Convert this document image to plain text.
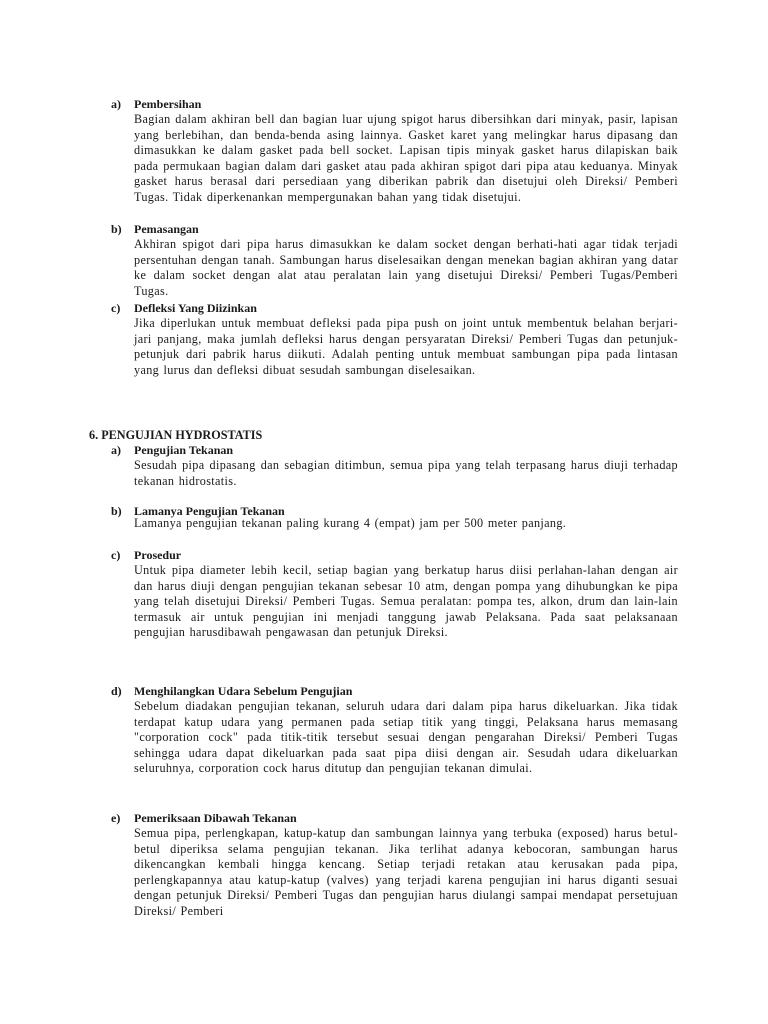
a) Pembersihan
Bagian dalam akhiran bell dan bagian luar ujung spigot harus dibersihkan dari minyak, pasir, lapisan yang berlebihan, dan benda-benda asing lainnya. Gasket karet yang melingkar harus dipasang dan dimasukkan ke dalam gasket pada bell socket. Lapisan tipis minyak gasket harus dilapiskan baik pada permukaan bagian dalam dari gasket atau pada akhiran spigot dari pipa atau keduanya. Minyak gasket harus berasal dari persediaan yang diberikan pabrik dan disetujui oleh Direksi/ Pemberi Tugas. Tidak diperkenankan mempergunakan bahan yang tidak disetujui.
b) Pemasangan
Akhiran spigot dari pipa harus dimasukkan ke dalam socket dengan berhati-hati agar tidak terjadi persentuhan dengan tanah. Sambungan harus diselesaikan dengan menekan bagian akhiran yang datar ke dalam socket dengan alat atau peralatan lain yang disetujui Direksi/ Pemberi Tugas/Pemberi Tugas.
c) Defleksi Yang Diizinkan
Jika diperlukan untuk membuat defleksi pada pipa push on joint untuk membentuk belahan berjari-jari panjang, maka jumlah defleksi harus dengan persyaratan Direksi/ Pemberi Tugas dan petunjuk-petunjuk dari pabrik harus diikuti. Adalah penting untuk membuat sambungan pipa pada lintasan yang lurus dan defleksi dibuat sesudah sambungan diselesaikan.
6. PENGUJIAN HYDROSTATIS
a) Pengujian Tekanan
Sesudah pipa dipasang dan sebagian ditimbun, semua pipa yang telah terpasang harus diuji terhadap tekanan hidrostatis.
b) Lamanya Pengujian Tekanan
Lamanya pengujian tekanan paling kurang 4 (empat) jam per 500 meter panjang.
c) Prosedur
Untuk pipa diameter lebih kecil, setiap bagian yang berkatup harus diisi perlahan-lahan dengan air dan harus diuji dengan pengujian tekanan sebesar 10 atm, dengan pompa yang dihubungkan ke pipa yang telah disetujui Direksi/ Pemberi Tugas. Semua peralatan: pompa tes, alkon, drum dan lain-lain termasuk air untuk pengujian ini menjadi tanggung jawab Pelaksana. Pada saat pelaksanaan pengujian harusdibawah pengawasan dan petunjuk Direksi.
d) Menghilangkan Udara Sebelum Pengujian
Sebelum diadakan pengujian tekanan, seluruh udara dari dalam pipa harus dikeluarkan. Jika tidak terdapat katup udara yang permanen pada setiap titik yang tinggi, Pelaksana harus memasang "corporation cock" pada titik-titik tersebut sesuai dengan pengarahan Direksi/ Pemberi Tugas sehingga udara dapat dikeluarkan pada saat pipa diisi dengan air. Sesudah udara dikeluarkan seluruhnya, corporation cock harus ditutup dan pengujian tekanan dimulai.
e) Pemeriksaan Dibawah Tekanan
Semua pipa, perlengkapan, katup-katup dan sambungan lainnya yang terbuka (exposed) harus betul-betul diperiksa selama pengujian tekanan. Jika terlihat adanya kebocoran, sambungan harus dikencangkan kembali hingga kencang. Setiap terjadi retakan atau kerusakan pada pipa, perlengkapannya atau katup-katup (valves) yang terjadi karena pengujian ini harus diganti sesuai dengan petunjuk Direksi/ Pemberi Tugas dan pengujian harus diulangi sampai mendapat persetujuan Direksi/ Pemberi
